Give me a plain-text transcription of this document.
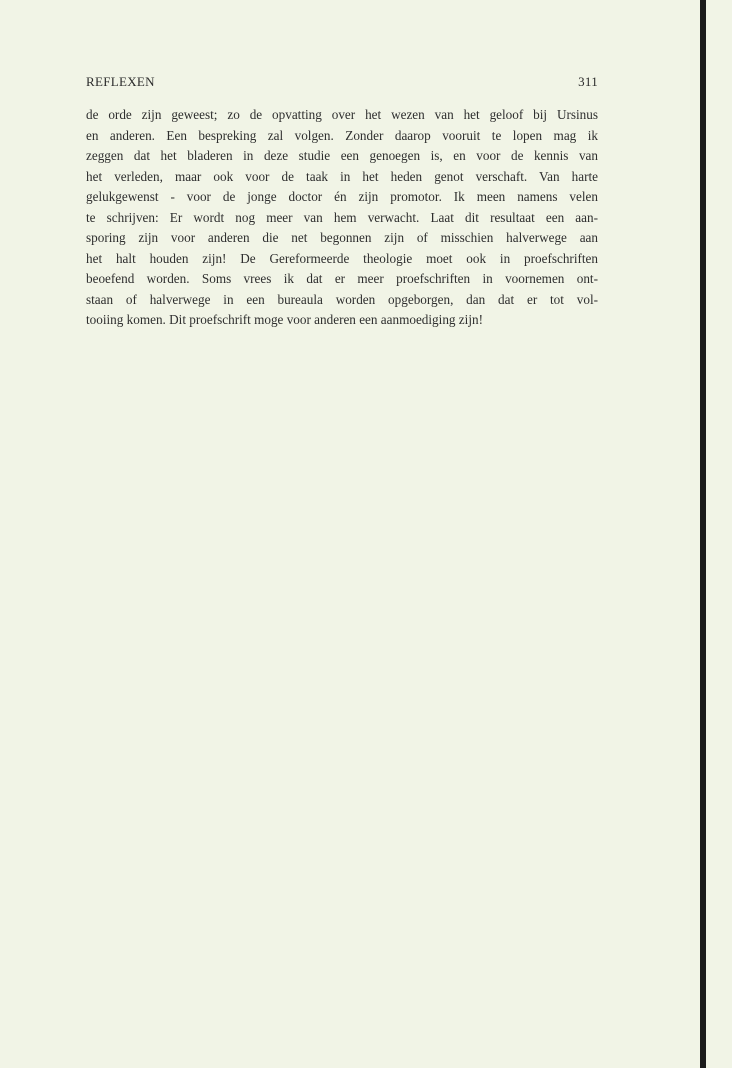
REFLEXEN	311
de orde zijn geweest; zo de opvatting over het wezen van het geloof bij Ursinus
en anderen. Een bespreking zal volgen. Zonder daarop vooruit te lopen mag ik
zeggen dat het bladeren in deze studie een genoegen is, en voor de kennis van
het verleden, maar ook voor de taak in het heden genot verschaft. Van harte
gelukgewenst - voor de jonge doctor én zijn promotor. Ik meen namens velen
te schrijven: Er wordt nog meer van hem verwacht. Laat dit resultaat een aan-
sporing zijn voor anderen die net begonnen zijn of misschien halverwege aan
het halt houden zijn! De Gereformeerde theologie moet ook in proefschriften
beoefend worden. Soms vrees ik dat er meer proefschriften in voornemen ont-
staan of halverwege in een bureaula worden opgeborgen, dan dat er tot vol-
tooiing komen. Dit proefschrift moge voor anderen een aanmoediging zijn!
